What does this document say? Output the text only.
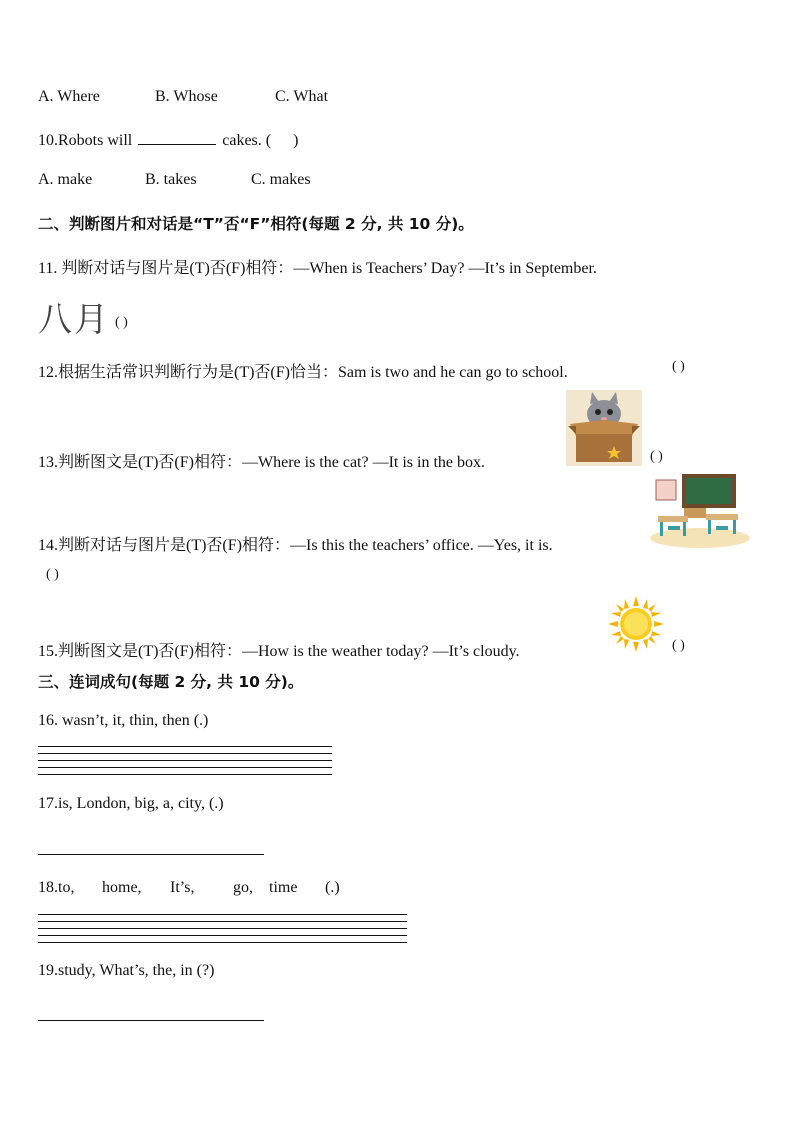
A. Where	B. Whose	C. What
10.Robots will	cakes. ( )
A. make	B. takes	C. makes
二、判断图片和对话是“T”否“F”相符(每题 2 分, 共 10 分)。
11. 判断对话与图片是(T)否(F)相符：—When is Teachers’ Day? —It’s in September.
八月 ( )
12.根据生活常识判断行为是(T)否(F)恰当：Sam is two and he can go to school.	( )
13.判断图文是(T)否(F)相符：—Where is the cat? —It is in the box.	( )
14.判断对话与图片是(T)否(F)相符：—Is this the teachers’ office. —Yes, it is.
( )
15.判断图文是(T)否(F)相符：—How is the weather today? —It’s cloudy.	( )
三、连词成句(每题 2 分, 共 10 分)。
16. wasn’t, it, thin, then (.)
17.is, London, big, a, city, (.)
18.to, home, It’s, go, time (.)
19.study, What’s, the, in (?)
